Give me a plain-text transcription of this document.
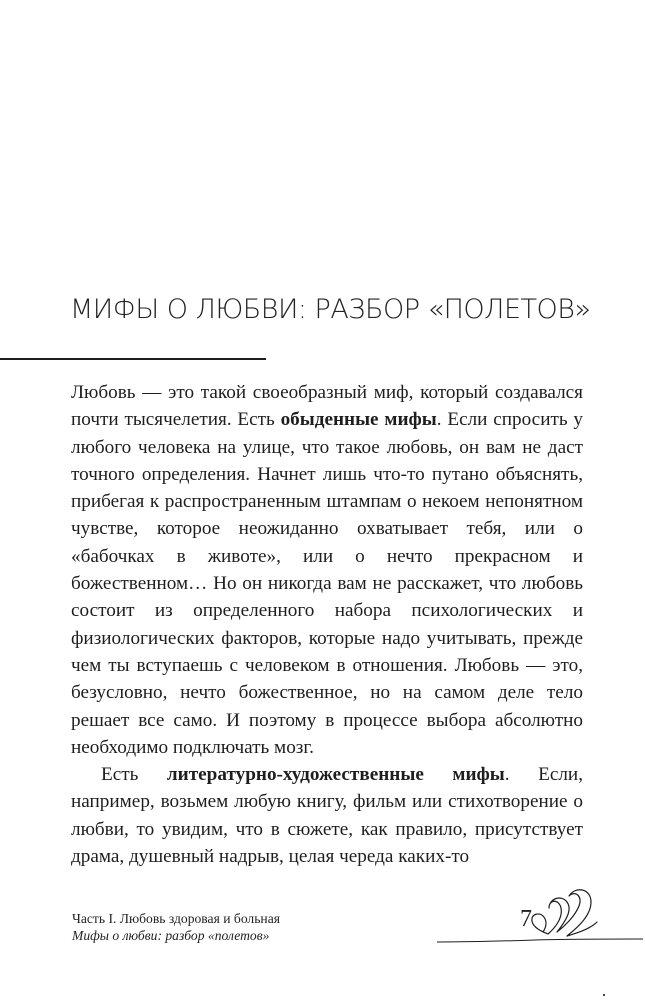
МИФЫ О ЛЮБВИ: РАЗБОР «ПОЛЕТОВ»

Любовь — это такой своеобразный миф, который создавался почти тысячелетия. Есть обыденные мифы. Если спросить у любого человека на улице, что такое любовь, он вам не даст точного определения. Начнет лишь что-то путано объяснять, прибегая к распространенным штампам о некоем непонятном чувстве, которое неожиданно охватывает тебя, или о «бабочках в животе», или о нечто прекрасном и божественном… Но он никогда вам не расскажет, что любовь состоит из определенного набора психологических и физиологических факторов, которые надо учитывать, прежде чем ты вступаешь с человеком в отношения. Любовь — это, безусловно, нечто божественное, но на самом деле тело решает все само. И поэтому в процессе выбора абсолютно необходимо подключать мозг.

Есть литературно-художественные мифы. Если, например, возьмем любую книгу, фильм или стихотворение о любви, то увидим, что в сюжете, как правило, присутствует драма, душевный надрыв, целая череда каких-то

Часть I. Любовь здоровая и больная
Мифы о любви: разбор «полетов»
7
